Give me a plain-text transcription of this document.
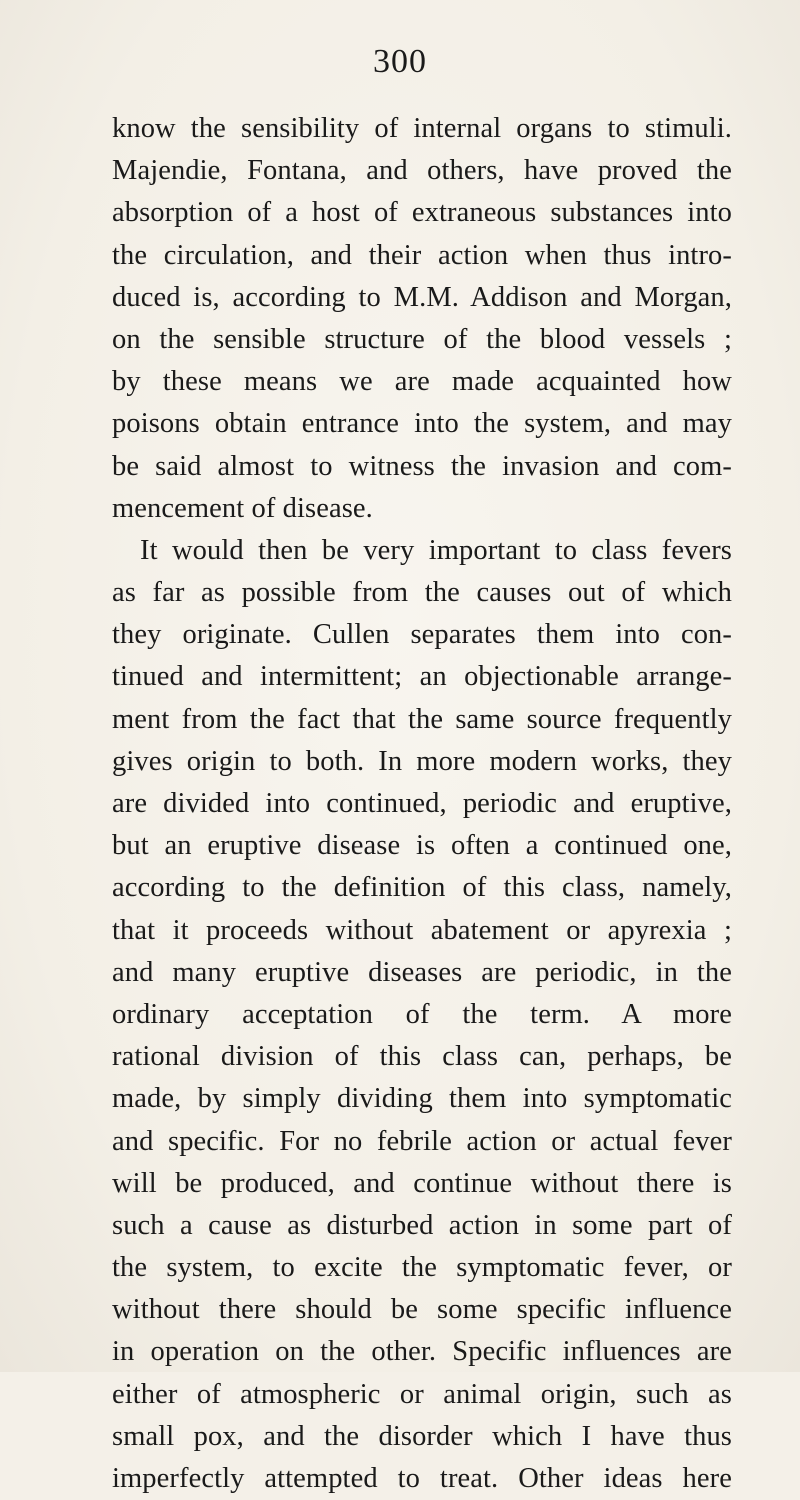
300
know the sensibility of internal organs to stimuli.
Majendie, Fontana, and others, have proved the
absorption of a host of extraneous substances into
the circulation, and their action when thus intro-
duced is, according to M.M. Addison and Morgan,
on the sensible structure of the blood vessels ;
by these means we are made acquainted how
poisons obtain entrance into the system, and may
be said almost to witness the invasion and com-
mencement of disease.
It would then be very important to class fevers
as far as possible from the causes out of which
they originate. Cullen separates them into con-
tinued and intermittent; an objectionable arrange-
ment from the fact that the same source frequently
gives origin to both. In more modern works, they
are divided into continued, periodic and eruptive,
but an eruptive disease is often a continued one,
according to the definition of this class, namely,
that it proceeds without abatement or apyrexia ;
and many eruptive diseases are periodic, in the
ordinary acceptation of the term. A more
rational division of this class can, perhaps, be
made, by simply dividing them into symptomatic
and specific. For no febrile action or actual fever
will be produced, and continue without there is
such a cause as disturbed action in some part of
the system, to excite the symptomatic fever, or
without there should be some specific influence
in operation on the other. Specific influences are
either of atmospheric or animal origin, such as
small pox, and the disorder which I have thus
imperfectly attempted to treat. Other ideas here
